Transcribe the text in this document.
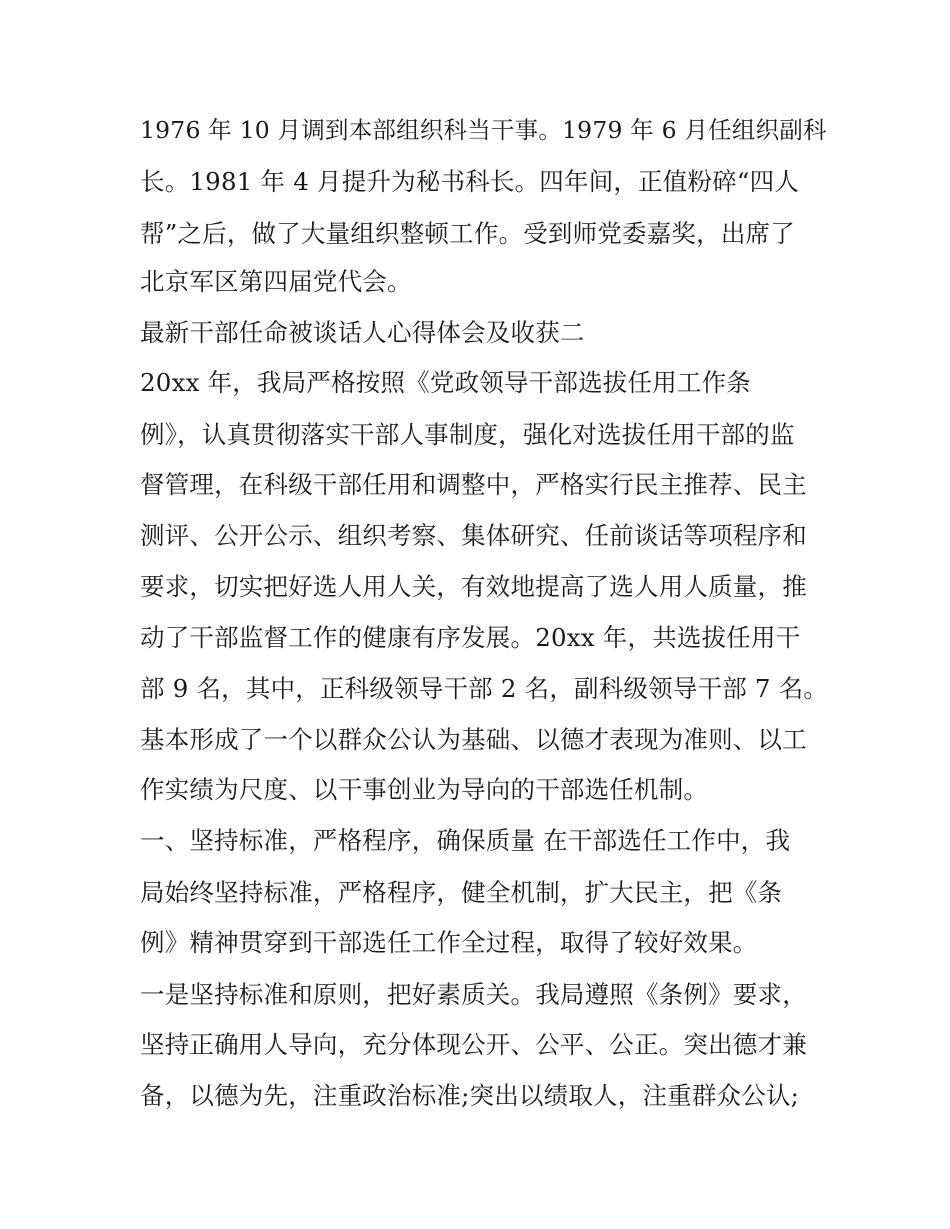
1976 年 10 月调到本部组织科当干事。1979 年 6 月任组织副科
长。1981 年 4 月提升为秘书科长。四年间，正值粉碎“四人
帮”之后，做了大量组织整顿工作。受到师党委嘉奖，出席了
北京军区第四届党代会。
最新干部任命被谈话人心得体会及收获二
20xx 年，我局严格按照《党政领导干部选拔任用工作条
例》，认真贯彻落实干部人事制度，强化对选拔任用干部的监
督管理，在科级干部任用和调整中，严格实行民主推荐、民主
测评、公开公示、组织考察、集体研究、任前谈话等项程序和
要求，切实把好选人用人关，有效地提高了选人用人质量，推
动了干部监督工作的健康有序发展。20xx 年，共选拔任用干
部 9 名，其中，正科级领导干部 2 名，副科级领导干部 7 名。
基本形成了一个以群众公认为基础、以德才表现为准则、以工
作实绩为尺度、以干事创业为导向的干部选任机制。
一、坚持标准，严格程序，确保质量 在干部选任工作中，我
局始终坚持标准，严格程序，健全机制，扩大民主，把《条
例》精神贯穿到干部选任工作全过程，取得了较好效果。
一是坚持标准和原则，把好素质关。我局遵照《条例》要求，
坚持正确用人导向，充分体现公开、公平、公正。突出德才兼
备，以德为先，注重政治标准;突出以绩取人，注重群众公认;
